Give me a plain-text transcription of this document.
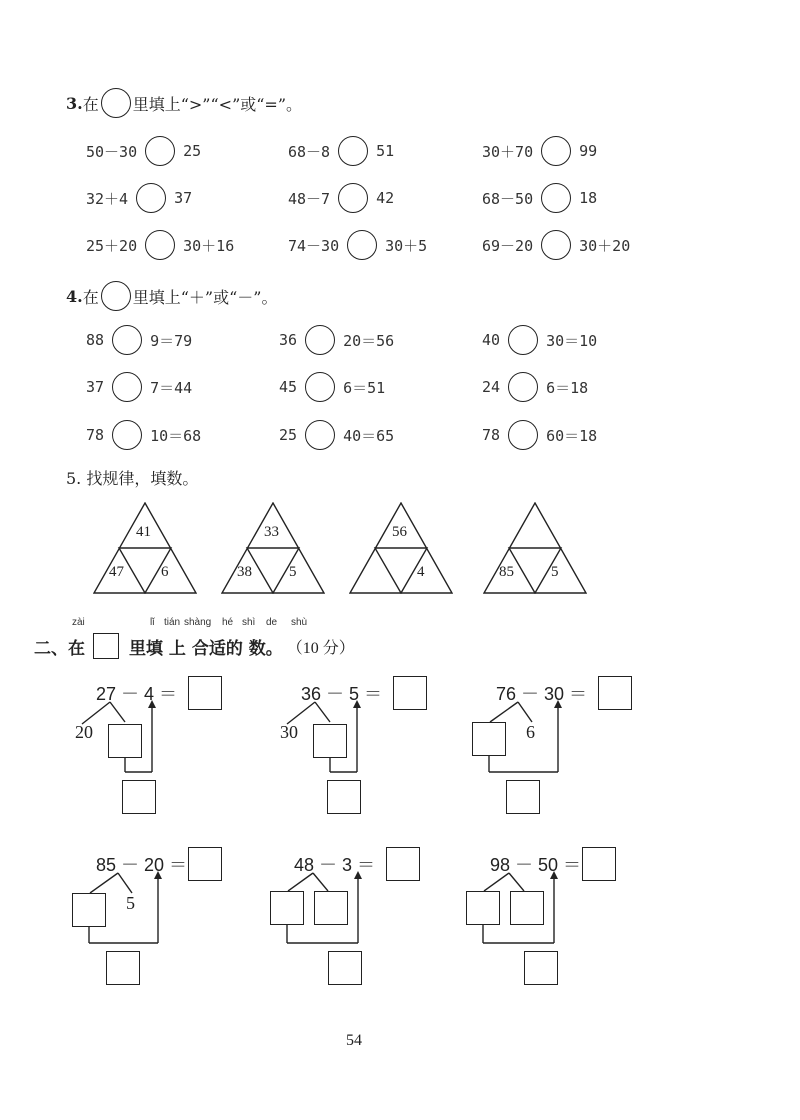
3. 在 里填上“>”“<”或“=”。
50－30	25	68－8	51	30＋70	99
32＋4	37	48－7	42	68－50	18
25＋20	30＋16	74－30	30＋5	69－20	30＋20
4. 在 里填上“＋”或“－”。
88	9＝79	36	20＝56	40	30＝10
37	7＝44	45	6＝51	24	6＝18
78	10＝68	25	40＝65	78	60＝18
5. 找规律，填数。
41
47 6
33
38 5
56
4	85 5
zài	lǐ tián shàng hé shì de shù
二、在	里填 上 合适的 数。 （10 分）
27 － 4 ＝
20
36 － 5 ＝
30
76 － 30 ＝
6
85 － 20 ＝
5
48 － 3 ＝	98 － 50 ＝
54
